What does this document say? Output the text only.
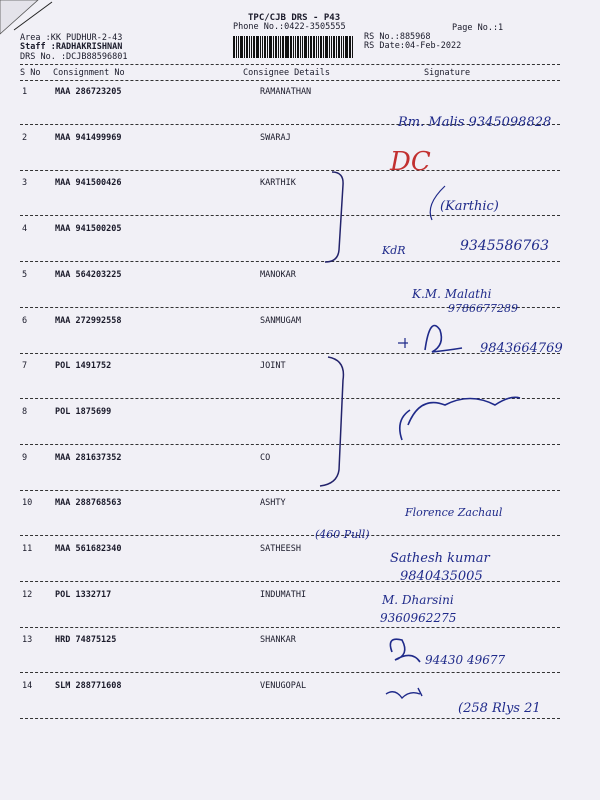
TPC/CJB DRS - P43
Phone No.:0422-3505555	Page No.:1
Area :KK PUDHUR-2-43
Staff :RADHAKRISHNAN
DRS No. :DCJB88596801
RS No.:885968
RS Date:04-Feb-2022
S No Consignment No	Consignee Details	Signature
1	MAA 286723205	RAMANATHAN
2	MAA 941499969	SWARAJ
3	MAA 941500426	KARTHIK
4	MAA 941500205
5	MAA 564203225	MANOKAR
6	MAA 272992558	SANMUGAM
7	POL 1491752	JOINT
8	POL 1875699
9	MAA 281637352	CO
10	MAA 288768563	ASHTY
11	MAA 561682340	SATHEESH
12	POL 1332717	INDUMATHI
13	HRD 74875125	SHANKAR
14	SLM 288771608	VENUGOPAL
Rm. Malis 9345098828
DC
(Karthic)
KdR	9345586763
K.M. Malathi
9786677289
9843664769
Florence Zachaul
(460 Pull)
Sathesh kumar
9840435005
M. Dharsini
9360962275
94430 49677
(258 Rlys 21
